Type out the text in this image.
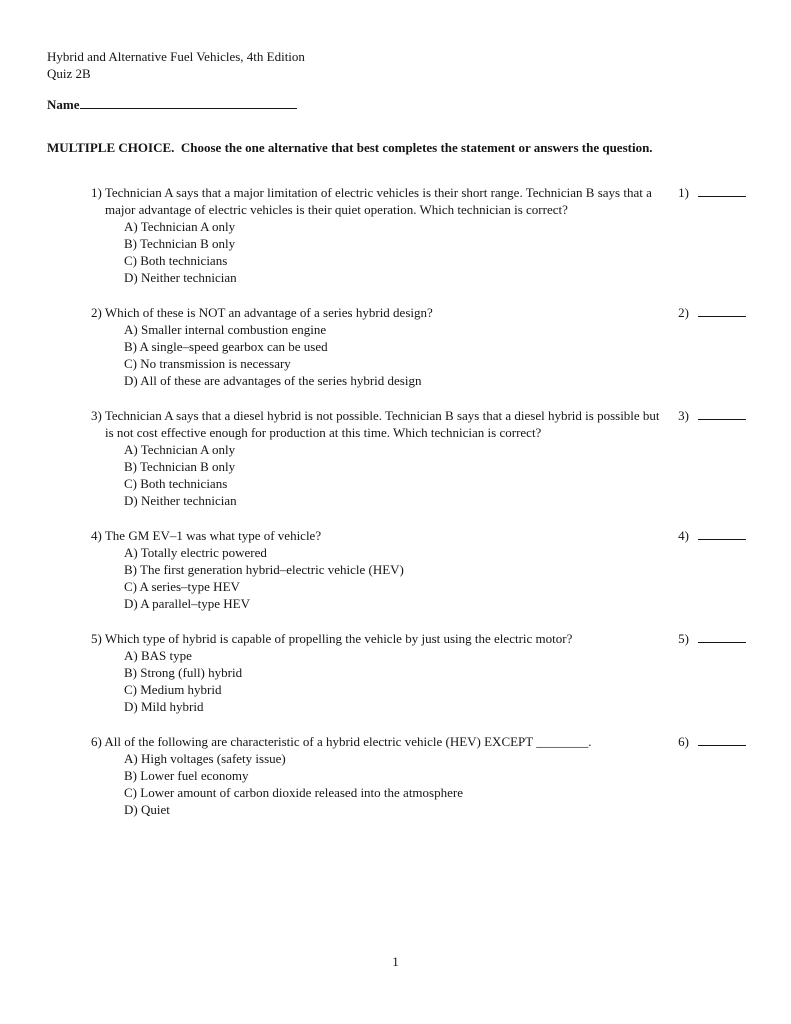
Hybrid and Alternative Fuel Vehicles, 4th Edition
Quiz 2B
Name
MULTIPLE CHOICE.  Choose the one alternative that best completes the statement or answers the question.
1) Technician A says that a major limitation of electric vehicles is their short range. Technician B says that a major advantage of electric vehicles is their quiet operation. Which technician is correct?
A) Technician A only
B) Technician B only
C) Both technicians
D) Neither technician
1)
2) Which of these is NOT an advantage of a series hybrid design?
A) Smaller internal combustion engine
B) A single–speed gearbox can be used
C) No transmission is necessary
D) All of these are advantages of the series hybrid design
2)
3) Technician A says that a diesel hybrid is not possible. Technician B says that a diesel hybrid is possible but is not cost effective enough for production at this time. Which technician is correct?
A) Technician A only
B) Technician B only
C) Both technicians
D) Neither technician
3)
4) The GM EV–1 was what type of vehicle?
A) Totally electric powered
B) The first generation hybrid–electric vehicle (HEV)
C) A series–type HEV
D) A parallel–type HEV
4)
5) Which type of hybrid is capable of propelling the vehicle by just using the electric motor?
A) BAS type
B) Strong (full) hybrid
C) Medium hybrid
D) Mild hybrid
5)
6) All of the following are characteristic of a hybrid electric vehicle (HEV) EXCEPT ________.
A) High voltages (safety issue)
B) Lower fuel economy
C) Lower amount of carbon dioxide released into the atmosphere
D) Quiet
6)
1
